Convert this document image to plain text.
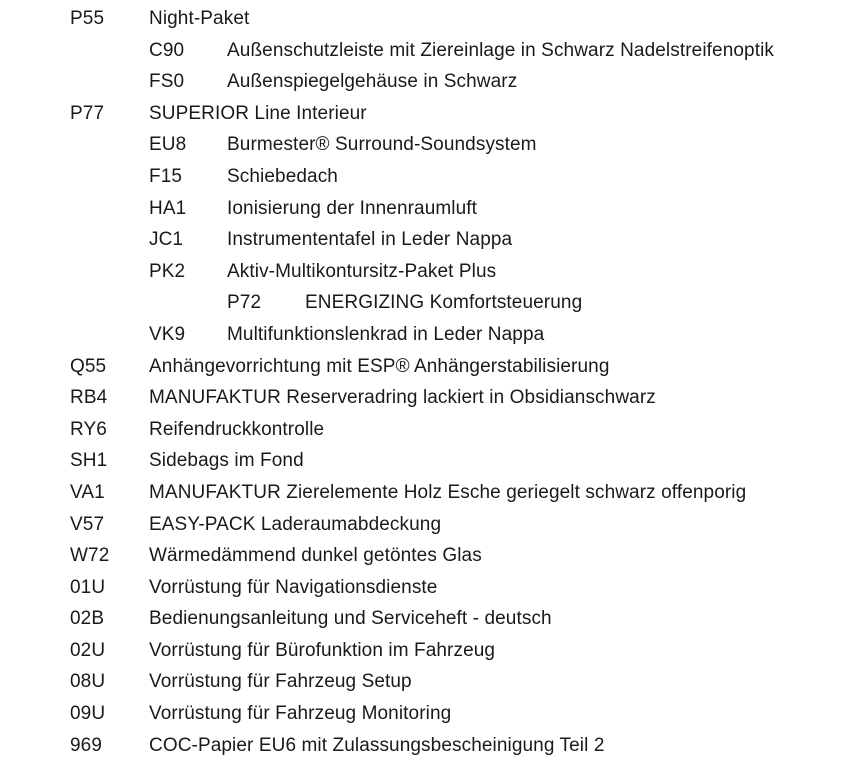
P55 Night-Paket
C90 Außenschutzleiste mit Ziereinlage in Schwarz Nadelstreifenoptik
FS0 Außenspiegelgehäuse in Schwarz
P77 SUPERIOR Line Interieur
EU8 Burmester® Surround-Soundsystem
F15 Schiebedach
HA1 Ionisierung der Innenraumluft
JC1 Instrumententafel in Leder Nappa
PK2 Aktiv-Multikontursitz-Paket Plus
P72 ENERGIZING Komfortsteuerung
VK9 Multifunktionslenkrad in Leder Nappa
Q55 Anhängevorrichtung mit ESP® Anhängerstabilisierung
RB4 MANUFAKTUR Reserveradring lackiert in Obsidianschwarz
RY6 Reifendruckkontrolle
SH1 Sidebags im Fond
VA1 MANUFAKTUR Zierelemente Holz Esche geriegelt schwarz offenporig
V57 EASY-PACK Laderaumabdeckung
W72 Wärmedämmend dunkel getöntes Glas
01U Vorrüstung für Navigationsdienste
02B Bedienungsanleitung und Serviceheft - deutsch
02U Vorrüstung für Bürofunktion im Fahrzeug
08U Vorrüstung für Fahrzeug Setup
09U Vorrüstung für Fahrzeug Monitoring
969 COC-Papier EU6 mit Zulassungsbescheinigung Teil 2
